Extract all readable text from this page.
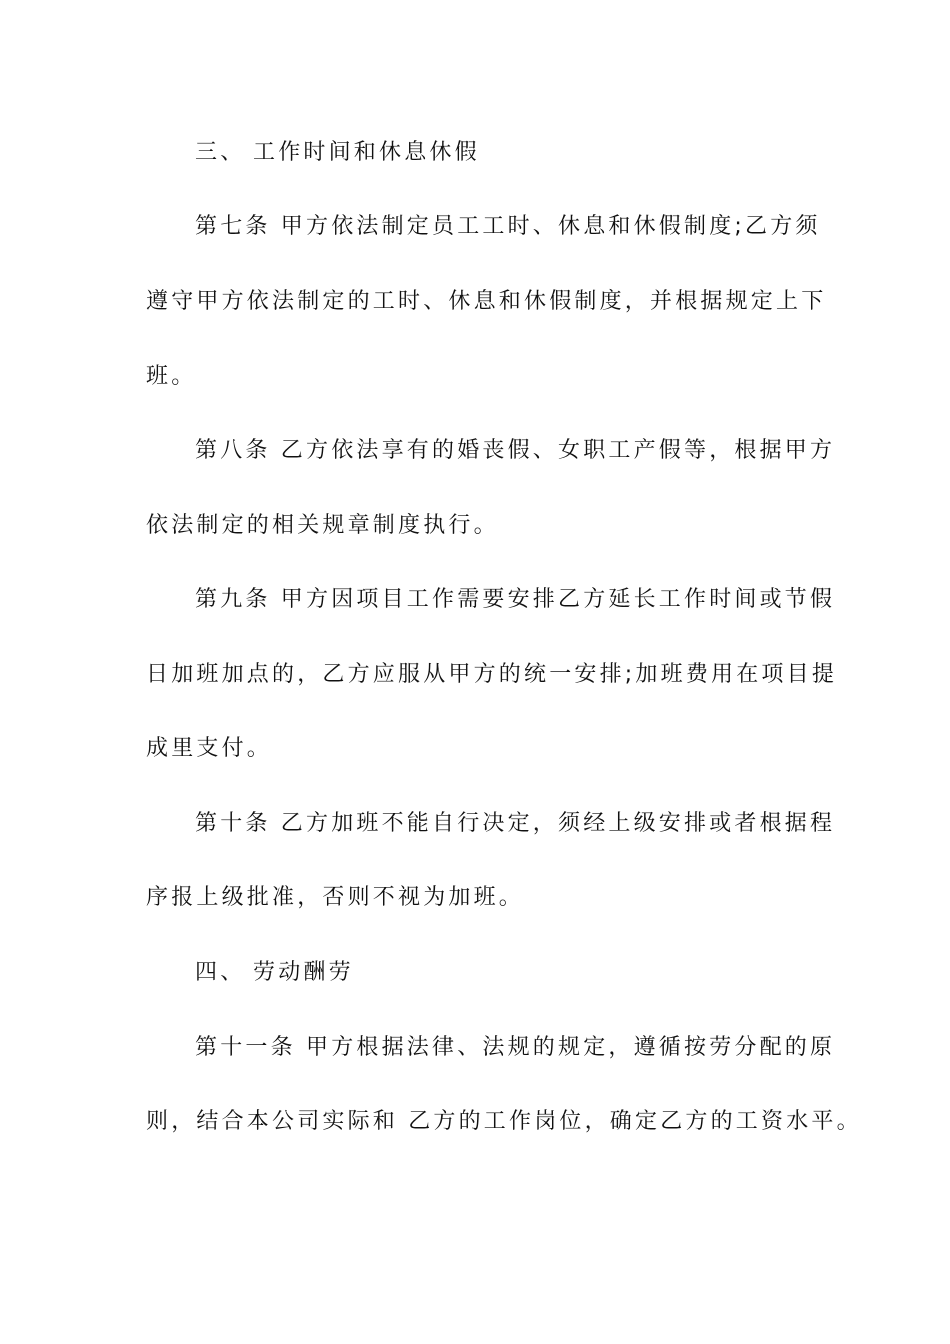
三、 工作时间和休息休假
第七条 甲方依法制定员工工时、休息和休假制度;乙方须
遵守甲方依法制定的工时、休息和休假制度，并根据规定上下
班。
第八条 乙方依法享有的婚丧假、女职工产假等，根据甲方
依法制定的相关规章制度执行。
第九条 甲方因项目工作需要安排乙方延长工作时间或节假
日加班加点的，乙方应服从甲方的统一安排;加班费用在项目提
成里支付。
第十条 乙方加班不能自行决定，须经上级安排或者根据程
序报上级批准，否则不视为加班。
四、 劳动酬劳
第十一条 甲方根据法律、法规的规定，遵循按劳分配的原
则，结合本公司实际和 乙方的工作岗位，确定乙方的工资水平。
